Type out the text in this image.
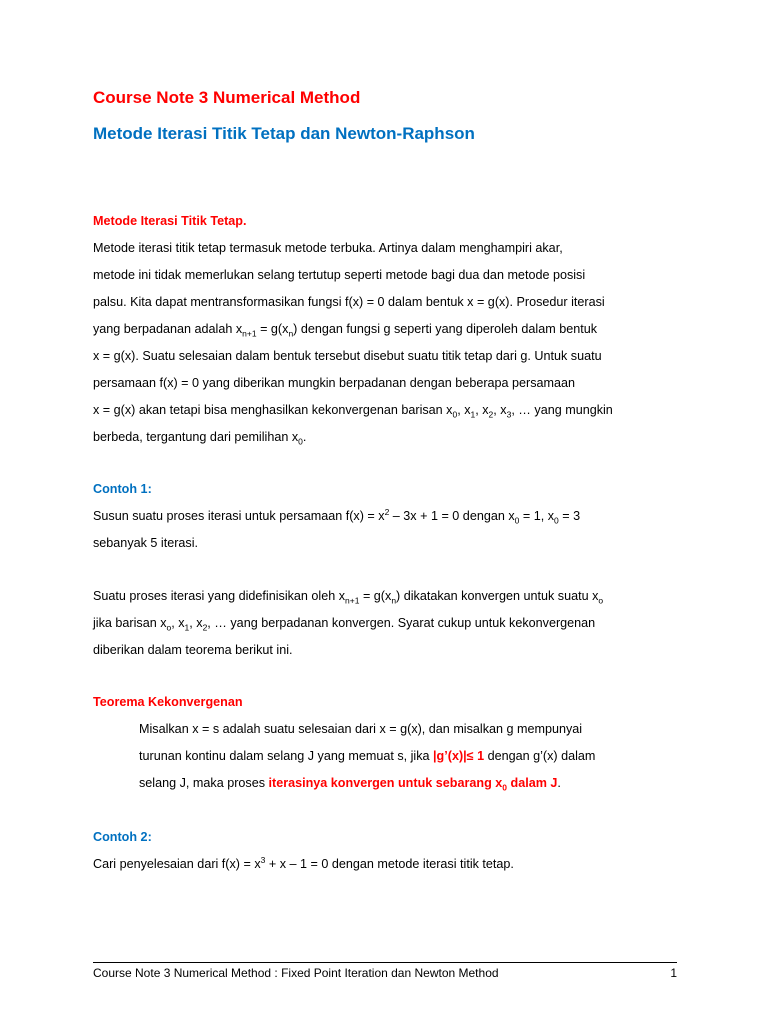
Course Note 3 Numerical Method
Metode Iterasi Titik Tetap dan Newton-Raphson
Metode Iterasi Titik Tetap.
Metode iterasi titik tetap termasuk metode terbuka. Artinya dalam menghampiri akar,
metode ini tidak memerlukan selang tertutup seperti metode bagi dua dan metode posisi
palsu. Kita dapat mentransformasikan fungsi f(x) = 0 dalam bentuk x = g(x). Prosedur iterasi
yang berpadanan adalah $x_{n+1} = g(x_n)$ dengan fungsi g seperti yang diperoleh dalam bentuk
x = g(x). Suatu selesaian dalam bentuk tersebut disebut suatu titik tetap dari g. Untuk suatu
persamaan f(x) = 0 yang diberikan mungkin berpadanan dengan beberapa persamaan
x = g(x) akan tetapi bisa menghasilkan kekonvergenan barisan $x_0$, $x_1$, $x_2$, $x_3$, … yang mungkin
berbeda, tergantung dari pemilihan $x_0$.
Contoh 1:
Susun suatu proses iterasi untuk persamaan $f(x) = x^2 - 3x + 1 = 0$ dengan $x_0 = 1$, $x_0 = 3$
sebanyak 5 iterasi.
Suatu proses iterasi yang didefinisikan oleh $x_{n+1} = g(x_n)$ dikatakan konvergen untuk suatu $x_o$
jika barisan $x_o$, $x_1$, $x_2$, … yang berpadanan konvergen. Syarat cukup untuk kekonvergenan
diberikan dalam teorema berikut ini.
Teorema Kekonvergenan
Misalkan x = s adalah suatu selesaian dari x = g(x), dan misalkan g mempunyai
turunan kontinu dalam selang J yang memuat s, jika |g’(x)|≤ 1 dengan g’(x) dalam
selang J, maka proses iterasinya konvergen untuk sebarang $x_0$ dalam J.
Contoh 2:
Cari penyelesaian dari $f(x) = x^3 + x - 1 = 0$ dengan metode iterasi titik tetap.
Course Note 3 Numerical Method : Fixed Point Iteration dan Newton Method	1
